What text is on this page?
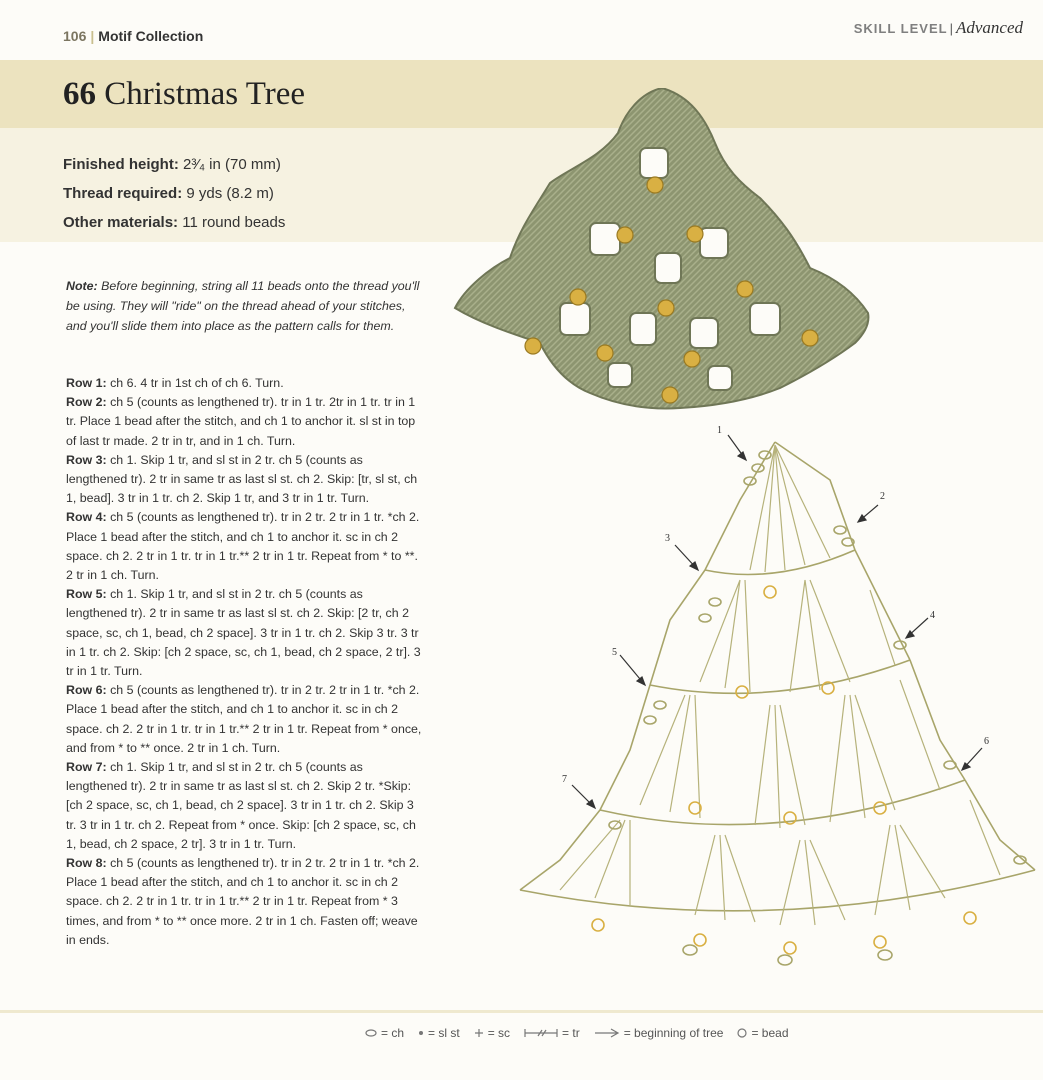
106 | Motif Collection	SKILL LEVEL | Advanced
66 Christmas Tree
Finished height: 2³⁄₄ in (70 mm)
Thread required: 9 yds (8.2 m)
Other materials: 11 round beads
Note: Before beginning, string all 11 beads onto the thread you'll be using. They will "ride" on the thread ahead of your stitches, and you'll slide them into place as the pattern calls for them.
Row 1: ch 6. 4 tr in 1st ch of ch 6. Turn.
Row 2: ch 5 (counts as lengthened tr). tr in 1 tr. 2tr in 1 tr. tr in 1 tr. Place 1 bead after the stitch, and ch 1 to anchor it. sl st in top of last tr made. 2 tr in tr, and in 1 ch. Turn.
Row 3: ch 1. Skip 1 tr, and sl st in 2 tr. ch 5 (counts as lengthened tr). 2 tr in same tr as last sl st. ch 2. Skip: [tr, sl st, ch 1, bead]. 3 tr in 1 tr. ch 2. Skip 1 tr, and 3 tr in 1 tr. Turn.
Row 4: ch 5 (counts as lengthened tr). tr in 2 tr. 2 tr in 1 tr. *ch 2. Place 1 bead after the stitch, and ch 1 to anchor it. sc in ch 2 space. ch 2. 2 tr in 1 tr. tr in 1 tr.** 2 tr in 1 tr. Repeat from * to **. 2 tr in 1 ch. Turn.
Row 5: ch 1. Skip 1 tr, and sl st in 2 tr. ch 5 (counts as lengthened tr). 2 tr in same tr as last sl st. ch 2. Skip: [2 tr, ch 2 space, sc, ch 1, bead, ch 2 space]. 3 tr in 1 tr. ch 2. Skip 3 tr. 3 tr in 1 tr. ch 2. Skip: [ch 2 space, sc, ch 1, bead, ch 2 space, 2 tr]. 3 tr in 1 tr. Turn.
Row 6: ch 5 (counts as lengthened tr). tr in 2 tr. 2 tr in 1 tr. *ch 2. Place 1 bead after the stitch, and ch 1 to anchor it. sc in ch 2 space. ch 2. 2 tr in 1 tr. tr in 1 tr.** 2 tr in 1 tr. Repeat from * once, and from * to ** once. 2 tr in 1 ch. Turn.
Row 7: ch 1. Skip 1 tr, and sl st in 2 tr. ch 5 (counts as lengthened tr). 2 tr in same tr as last sl st. ch 2. Skip 2 tr. *Skip: [ch 2 space, sc, ch 1, bead, ch 2 space]. 3 tr in 1 tr. ch 2. Skip 3 tr. 3 tr in 1 tr. ch 2. Repeat from * once. Skip: [ch 2 space, sc, ch 1, bead, ch 2 space, 2 tr]. 3 tr in 1 tr. Turn.
Row 8: ch 5 (counts as lengthened tr). tr in 2 tr. 2 tr in 1 tr. *ch 2. Place 1 bead after the stitch, and ch 1 to anchor it. sc in ch 2 space. ch 2. 2 tr in 1 tr. tr in 1 tr.** 2 tr in 1 tr. Repeat from * 3 times, and from * to ** once more. 2 tr in 1 ch. Fasten off; weave in ends.
1
2
3
4
5
6
7
= ch = sl st = sc	= tr	= beginning of tree = bead
